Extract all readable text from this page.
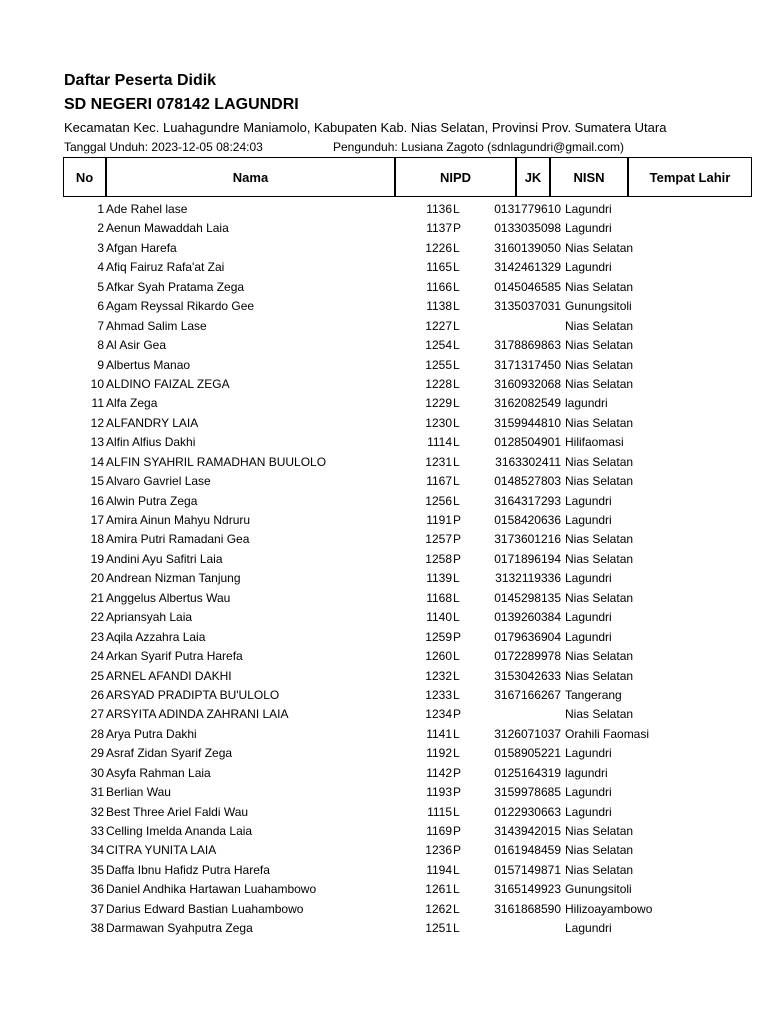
Daftar Peserta Didik
SD NEGERI 078142 LAGUNDRI
Kecamatan Kec. Luahagundre Maniamolo, Kabupaten Kab. Nias Selatan, Provinsi Prov. Sumatera Utara
Tanggal Unduh: 2023-12-05 08:24:03	Pengunduh: Lusiana Zagoto (sdnlagundri@gmail.com)
No	Nama	NIPD	JK	NISN	Tempat Lahir
1 Ade Rahel lase	1136 L	0131779610 Lagundri
2 Aenun Mawaddah Laia	1137 P	0133035098 Lagundri
3 Afgan Harefa	1226 L	3160139050 Nias Selatan
4 Afiq Fairuz Rafa'at Zai	1165 L	3142461329 Lagundri
5 Afkar Syah Pratama Zega	1166 L	0145046585 Nias Selatan
6 Agam Reyssal Rikardo Gee	1138 L	3135037031 Gunungsitoli
7 Ahmad Salim Lase	1227 L	Nias Selatan
8 Al Asir Gea	1254 L	3178869863 Nias Selatan
9 Albertus Manao	1255 L	3171317450 Nias Selatan
10 ALDINO FAIZAL ZEGA	1228 L	3160932068 Nias Selatan
11 Alfa Zega	1229 L	3162082549 lagundri
12 ALFANDRY LAIA	1230 L	3159944810 Nias Selatan
13 Alfin Alfius Dakhi	1114 L	0128504901 Hilifaomasi
14 ALFIN SYAHRIL RAMADHAN BUULOLO	1231 L	3163302411 Nias Selatan
15 Alvaro Gavriel Lase	1167 L	0148527803 Nias Selatan
16 Alwin Putra Zega	1256 L	3164317293 Lagundri
17 Amira Ainun Mahyu Ndruru	1191 P	0158420636 Lagundri
18 Amira Putri Ramadani Gea	1257 P	3173601216 Nias Selatan
19 Andini Ayu Safitri Laia	1258 P	0171896194 Nias Selatan
20 Andrean Nizman Tanjung	1139 L	3132119336 Lagundri
21 Anggelus Albertus Wau	1168 L	0145298135 Nias Selatan
22 Apriansyah Laia	1140 L	0139260384 Lagundri
23 Aqila Azzahra Laia	1259 P	0179636904 Lagundri
24 Arkan Syarif Putra Harefa	1260 L	0172289978 Nias Selatan
25 ARNEL AFANDI DAKHI	1232 L	3153042633 Nias Selatan
26 ARSYAD PRADIPTA BU'ULOLO	1233 L	3167166267 Tangerang
27 ARSYITA ADINDA ZAHRANI LAIA	1234 P	Nias Selatan
28 Arya Putra Dakhi	1141 L	3126071037 Orahili Faomasi
29 Asraf Zidan Syarif Zega	1192 L	0158905221 Lagundri
30 Asyfa Rahman Laia	1142 P	0125164319 lagundri
31 Berlian Wau	1193 P	3159978685 Lagundri
32 Best Three Ariel Faldi Wau	1115 L	0122930663 Lagundri
33 Celling Imelda Ananda Laia	1169 P	3143942015 Nias Selatan
34 CITRA YUNITA LAIA	1236 P	0161948459 Nias Selatan
35 Daffa Ibnu Hafidz Putra Harefa	1194 L	0157149871 Nias Selatan
36 Daniel Andhika Hartawan Luahambowo	1261 L	3165149923 Gunungsitoli
37 Darius Edward Bastian Luahambowo	1262 L	3161868590 Hilizoayambowo
38 Darmawan Syahputra Zega	1251 L	Lagundri
